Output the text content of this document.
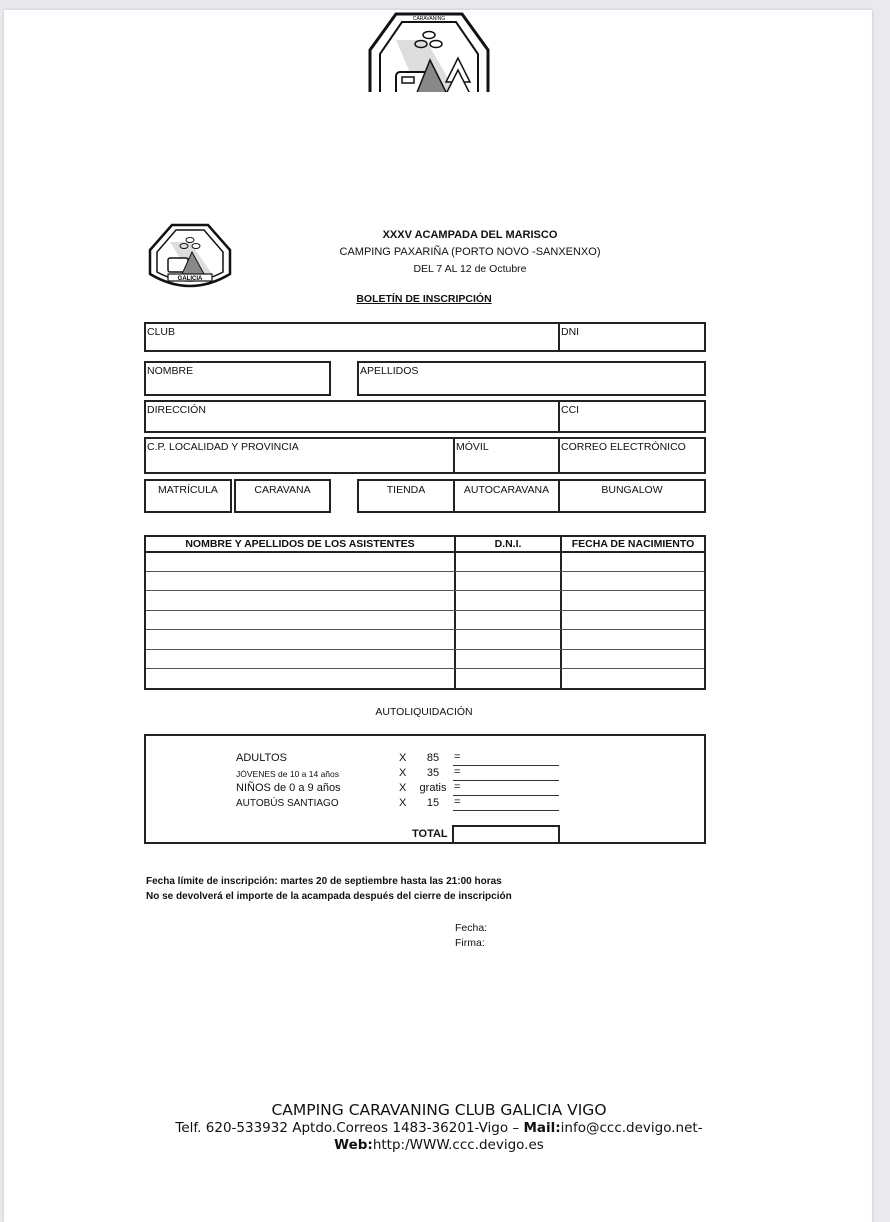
CARAVANING
GALICIA
XXXV ACAMPADA DEL MARISCO
CAMPING PAXARIÑA (PORTO NOVO -SANXENXO)
DEL 7 AL 12 de Octubre
BOLETÍN DE INSCRIPCIÓN
CLUB	DNI
NOMBRE	APELLIDOS
DIRECCIÓN	CCI
C.P. LOCALIDAD Y PROVINCIA	MÓVIL	CORREO ELECTRÓNICO
MATRÍCULA	CARAVANA	TIENDA	AUTOCARAVANA	BUNGALOW
NOMBRE Y APELLIDOS DE LOS ASISTENTES	D.N.I.	FECHA DE NACIMIENTO
AUTOLIQUIDACIÓN
ADULTOS	X	85	=
JÓVENES de 10 a 14 años	X	35	=
NIÑOS de 0 a 9 años	X	gratis =
AUTOBÚS SANTIAGO	X	15	=
TOTAL
Fecha límite de inscripción: martes 20 de septiembre hasta las 21:00 horas
No se devolverá el importe de la acampada después del cierre de inscripción
Fecha:
Firma:
CAMPING CARAVANING CLUB GALICIA VIGO
Telf. 620-533932 Aptdo.Correos 1483-36201-Vigo – Mail:info@ccc.devigo.net-
Web:http:/WWW.ccc.devigo.es
